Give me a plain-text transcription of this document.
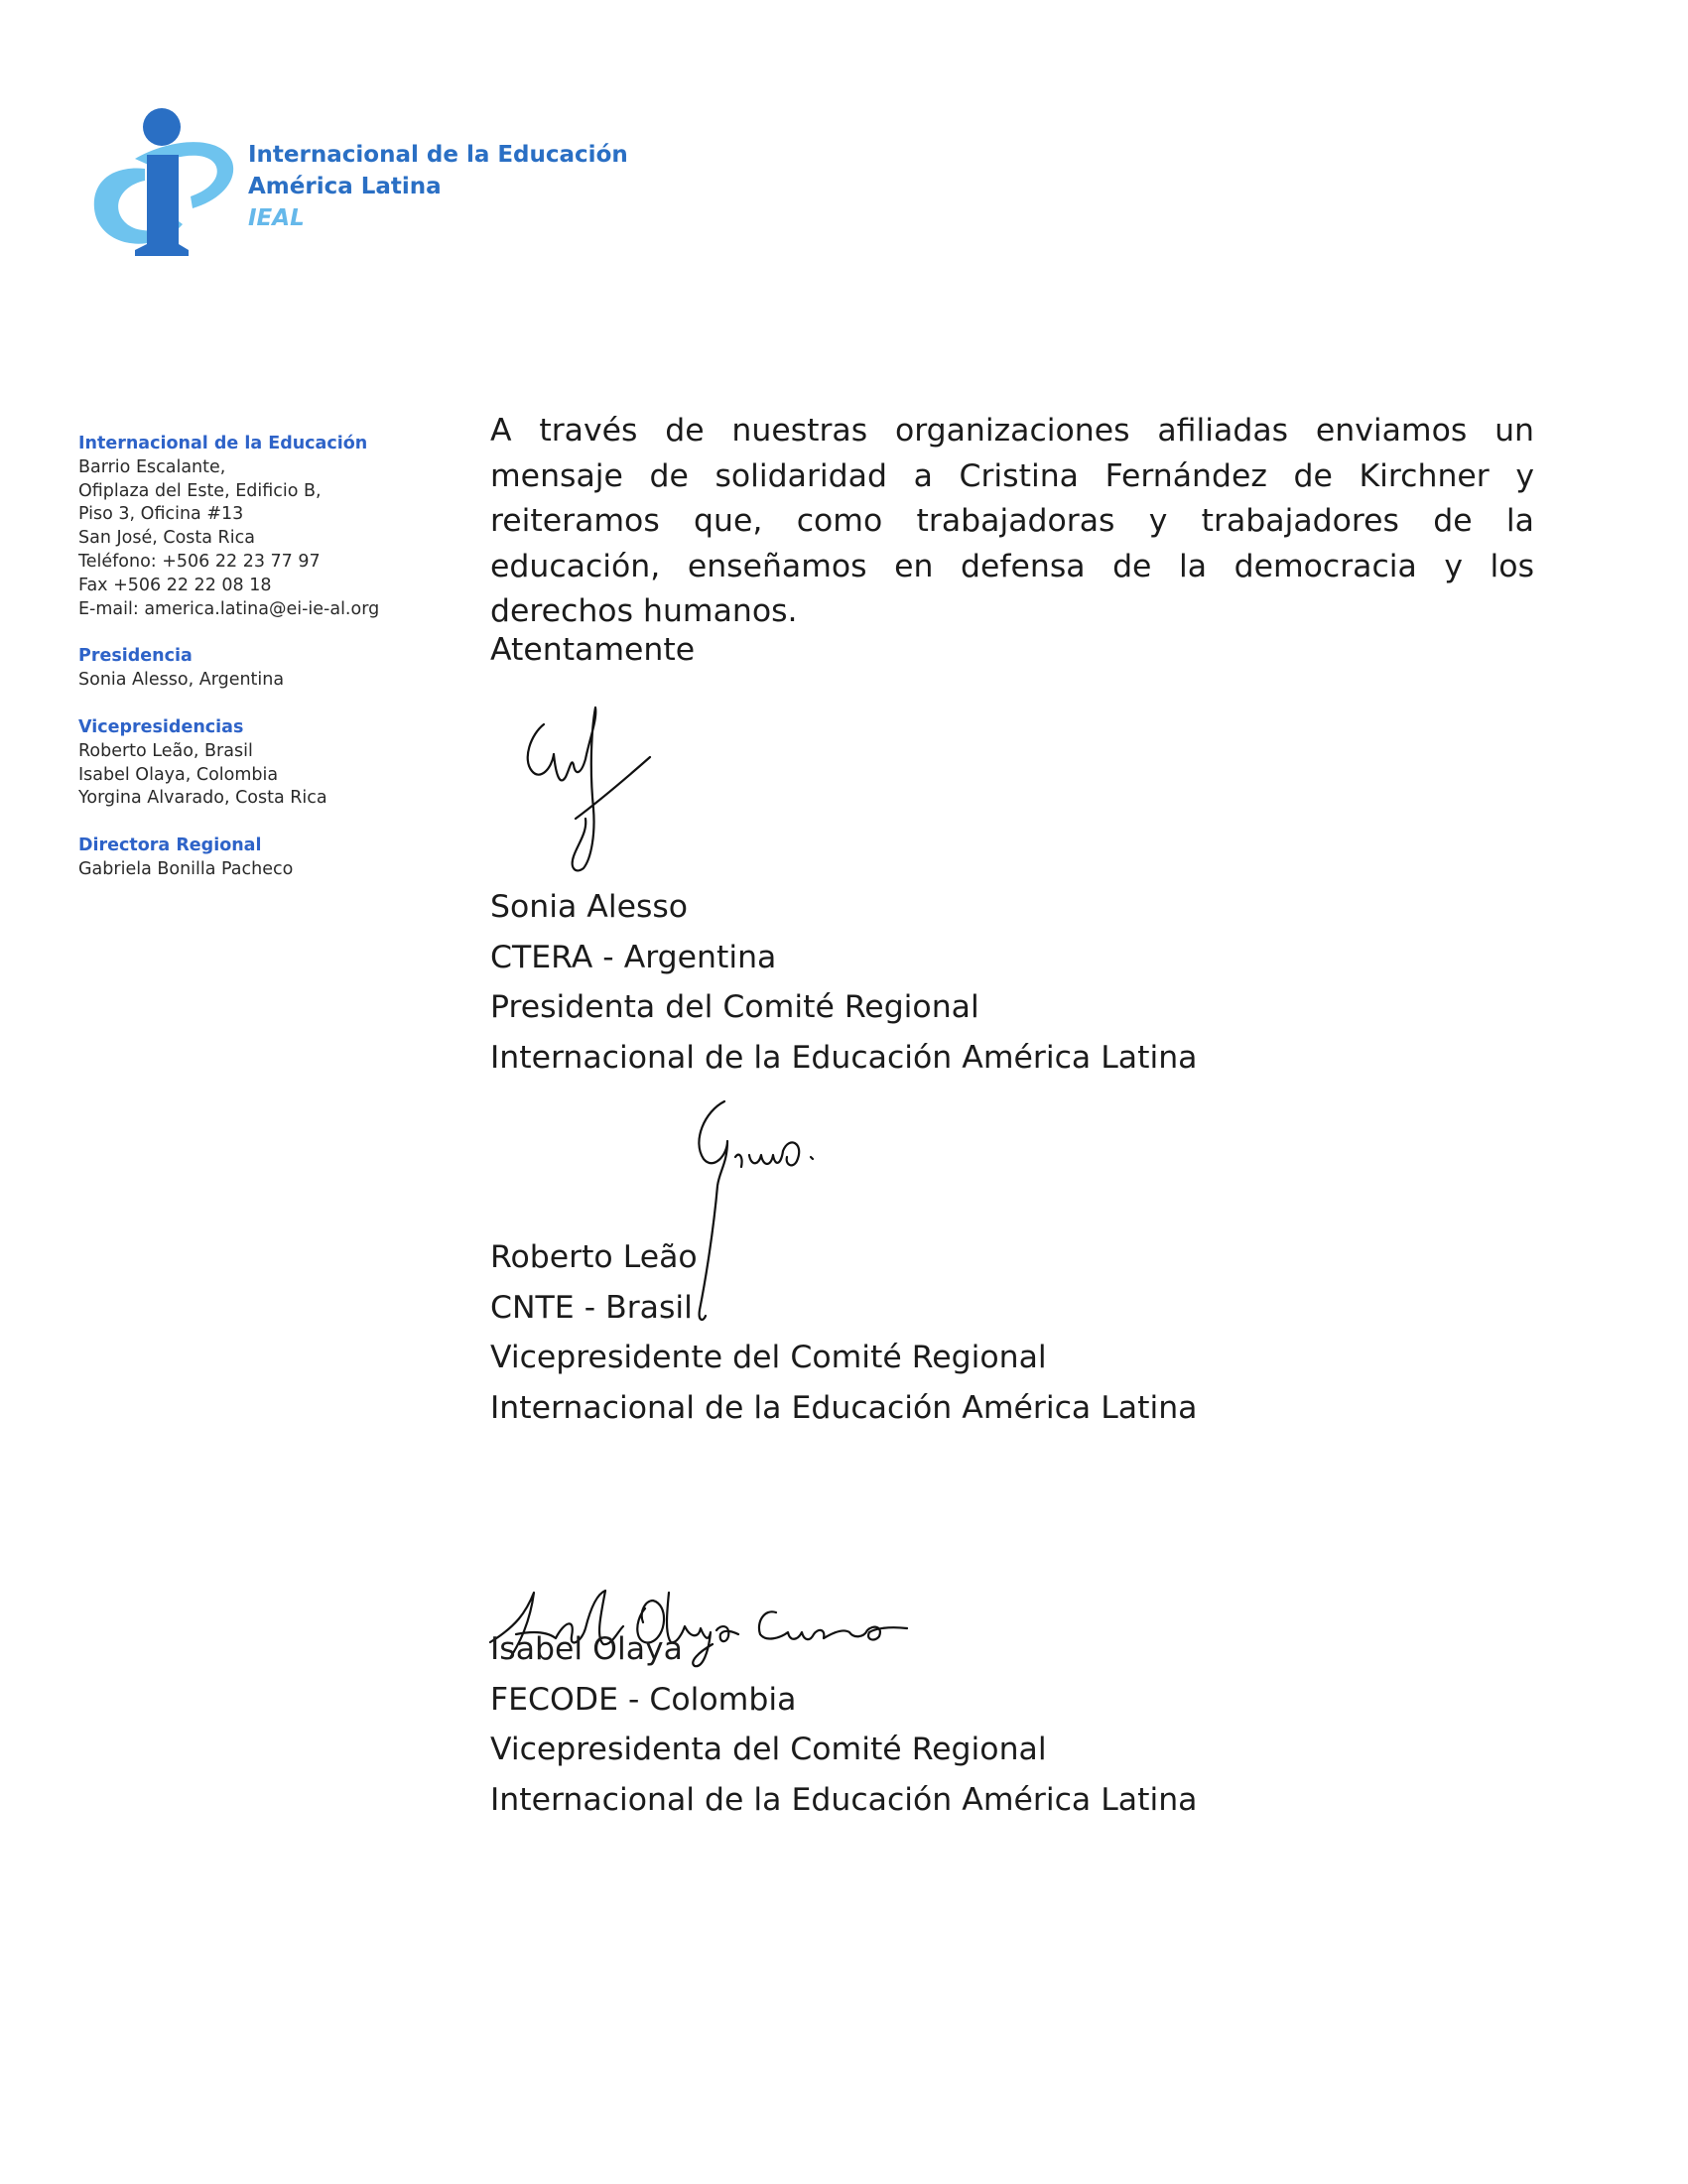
Internacional de la Educación
América Latina
IEAL
Internacional de la Educación
Barrio Escalante,
Ofiplaza del Este, Edificio B,
Piso 3, Oficina #13
San José, Costa Rica
Teléfono: +506 22 23 77 97
Fax +506 22 22 08 18
E-mail: america.latina@ei-ie-al.org
Presidencia
Sonia Alesso, Argentina
Vicepresidencias
Roberto Leão, Brasil
Isabel Olaya, Colombia
Yorgina Alvarado, Costa Rica
Directora Regional
Gabriela Bonilla Pacheco

A través de nuestras organizaciones afiliadas enviamos un mensaje de solidaridad a Cristina Fernández de Kirchner y reiteramos que, como trabajadoras y trabajadores de la educación, enseñamos en defensa de la democracia y los derechos humanos.

Atentamente
Sonia Alesso
CTERA - Argentina
Presidenta del Comité Regional
Internacional de la Educación América Latina
Roberto Leão
CNTE - Brasil
Vicepresidente del Comité Regional
Internacional de la Educación América Latina
Isabel Olaya
FECODE - Colombia
Vicepresidenta del Comité Regional
Internacional de la Educación América Latina
